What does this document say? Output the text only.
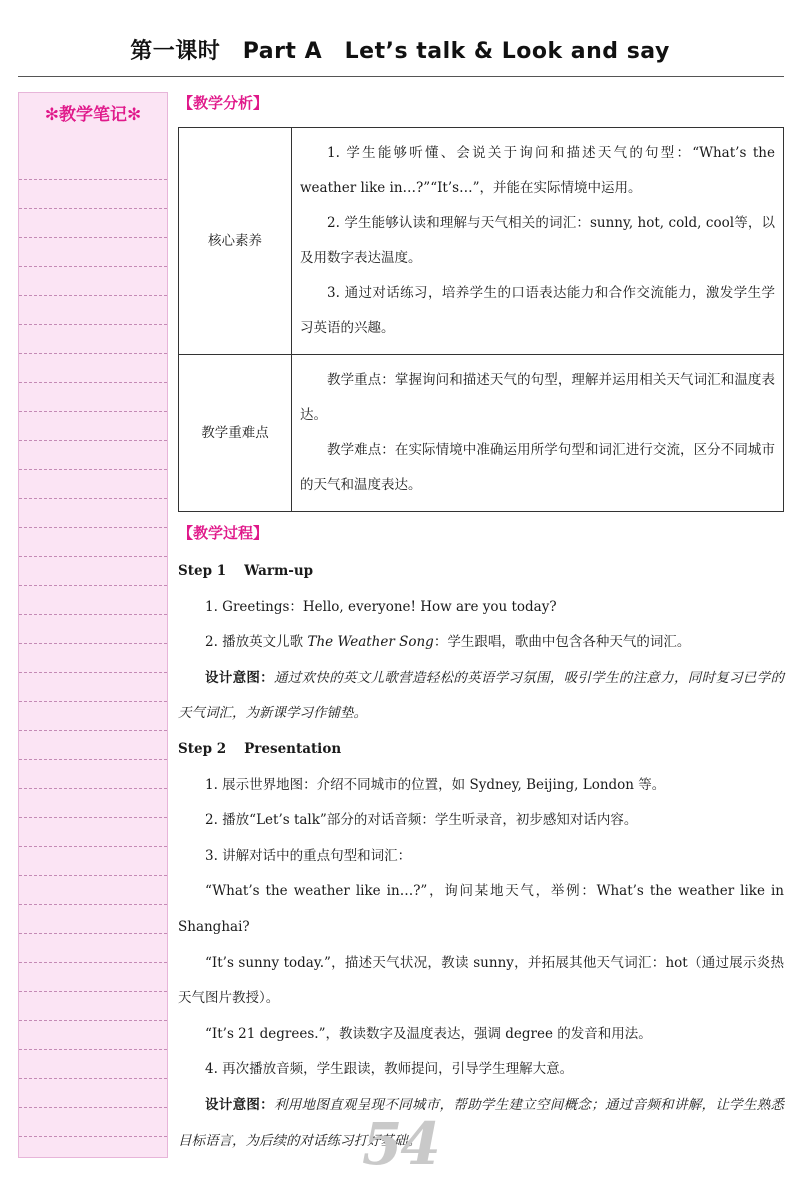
第一课时　Part A　Let’s talk & Look and say
✻教学笔记✻
【教学分析】
核心素养	1. 学生能够听懂、会说关于询问和描述天气的句型：“What’s the weather like in…?”“It’s…”，并能在实际情境中运用。

2. 学生能够认读和理解与天气相关的词汇：sunny, hot, cold, cool等，以及用数字表达温度。

3. 通过对话练习，培养学生的口语表达能力和合作交流能力，激发学生学习英语的兴趣。

教学重难点	教学重点：掌握询问和描述天气的句型，理解并运用相关天气词汇和温度表达。

教学难点：在实际情境中准确运用所学句型和词汇进行交流，区分不同城市的天气和温度表达。

【教学过程】

Step 1 Warm-up

1. Greetings：Hello, everyone! How are you today?

2. 播放英文儿歌 The Weather Song：学生跟唱，歌曲中包含各种天气的词汇。

设计意图：通过欢快的英文儿歌营造轻松的英语学习氛围，吸引学生的注意力，同时复习已学的天气词汇，为新课学习作铺垫。

Step 2 Presentation

1. 展示世界地图：介绍不同城市的位置，如 Sydney, Beijing, London 等。

2. 播放“Let’s talk”部分的对话音频：学生听录音，初步感知对话内容。

3. 讲解对话中的重点句型和词汇：

“What’s the weather like in…?”，询问某地天气，举例：What’s the weather like in Shanghai?

“It’s sunny today.”，描述天气状况，教读 sunny，并拓展其他天气词汇：hot（通过展示炎热天气图片教授）。

“It’s 21 degrees.”，教读数字及温度表达，强调 degree 的发音和用法。

4. 再次播放音频，学生跟读，教师提问，引导学生理解大意。

设计意图：利用地图直观呈现不同城市，帮助学生建立空间概念；通过音频和讲解，让学生熟悉目标语言，为后续的对话练习打好基础。

54
